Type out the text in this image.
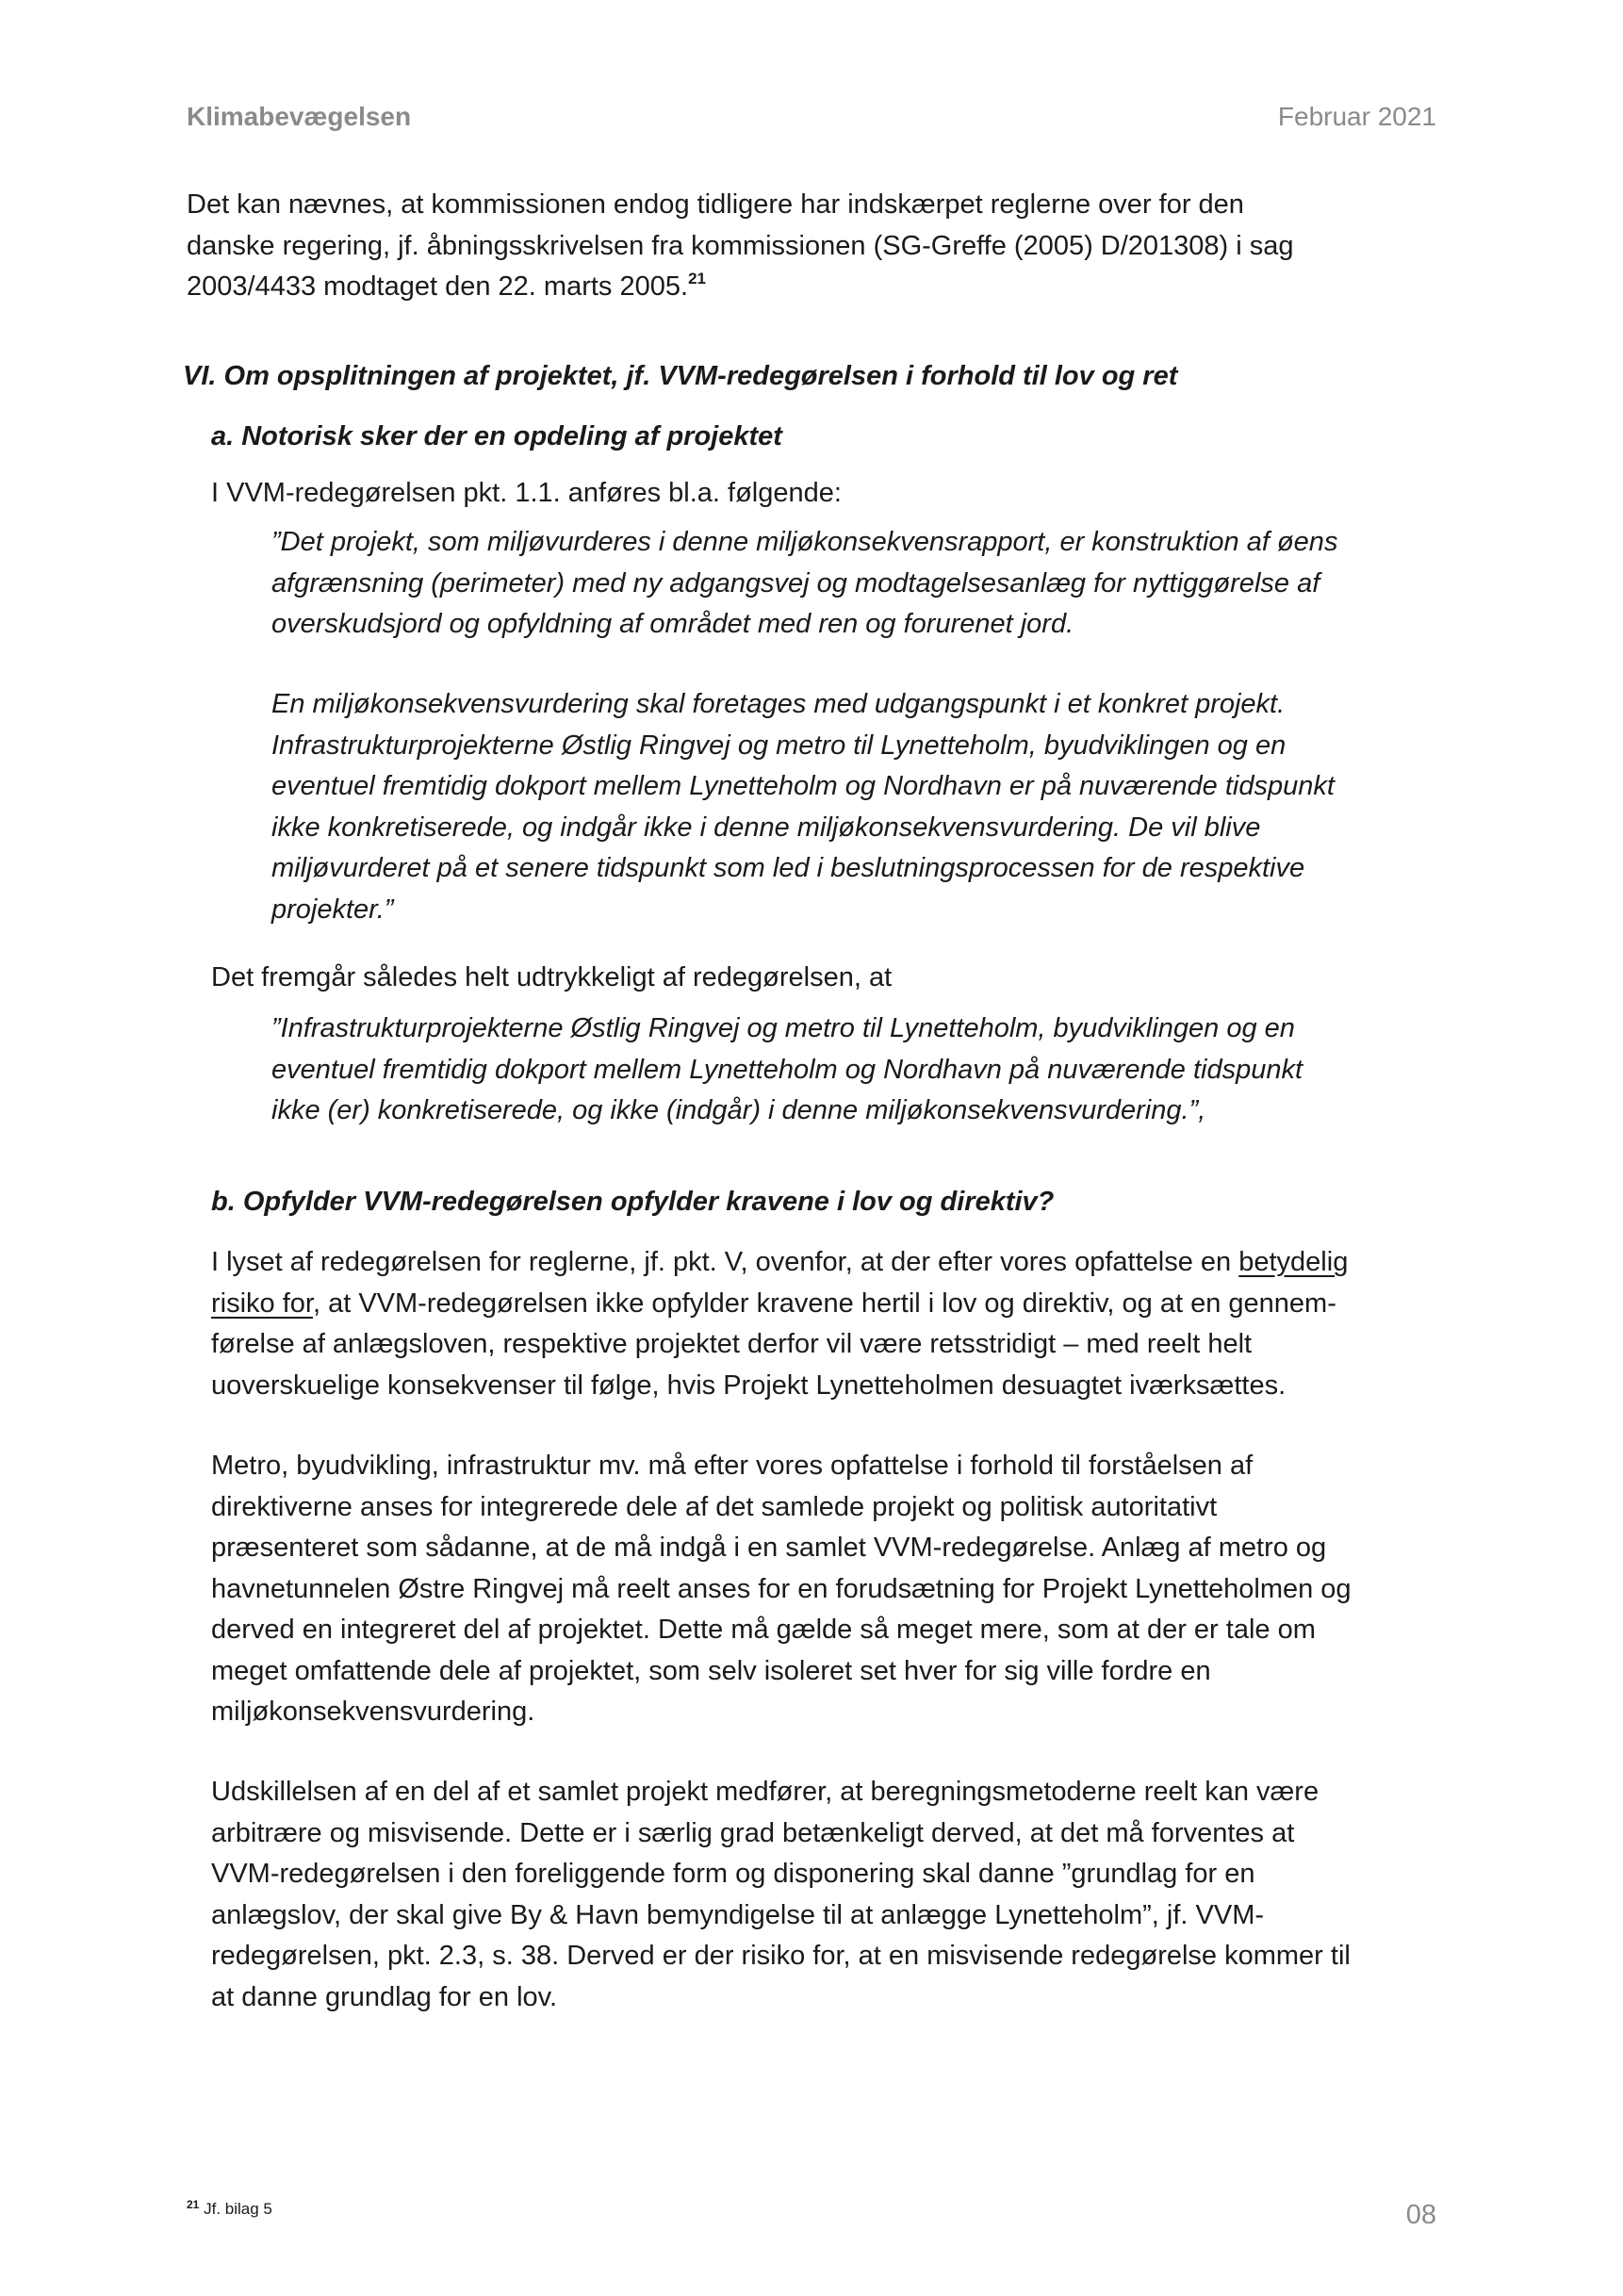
Klimabevægelsen	Februar 2021
Det kan nævnes, at kommissionen endog tidligere har indskærpet reglerne over for den
danske regering, jf. åbningsskrivelsen fra kommissionen (SG-Greffe (2005) D/201308) i sag
2003/4433 modtaget den 22. marts 2005.21
VI. Om opsplitningen af projektet, jf. VVM-redegørelsen i forhold til lov og ret
a. Notorisk sker der en opdeling af projektet
I VVM-redegørelsen pkt. 1.1. anføres bl.a. følgende:
”Det projekt, som miljøvurderes i denne miljøkonsekvensrapport, er konstruktion af øens
afgrænsning (perimeter) med ny adgangsvej og modtagelsesanlæg for nyttiggørelse af
overskudsjord og opfyldning af området med ren og forurenet jord.
En miljøkonsekvensvurdering skal foretages med udgangspunkt i et konkret projekt.
Infrastrukturprojekterne Østlig Ringvej og metro til Lynetteholm, byudviklingen og en
eventuel fremtidig dokport mellem Lynetteholm og Nordhavn er på nuværende tidspunkt
ikke konkretiserede, og indgår ikke i denne miljøkonsekvensvurdering. De vil blive
miljøvurderet på et senere tidspunkt som led i beslutningsprocessen for de respektive
projekter.”
Det fremgår således helt udtrykkeligt af redegørelsen, at
”Infrastrukturprojekterne Østlig Ringvej og metro til Lynetteholm, byudviklingen og en
eventuel fremtidig dokport mellem Lynetteholm og Nordhavn på nuværende tidspunkt
ikke (er) konkretiserede, og ikke (indgår) i denne miljøkonsekvensvurdering.”,
b. Opfylder VVM-redegørelsen opfylder kravene i lov og direktiv?
I lyset af redegørelsen for reglerne, jf. pkt. V, ovenfor, at der efter vores opfattelse en betydelig
risiko for, at VVM-redegørelsen ikke opfylder kravene hertil i lov og direktiv, og at en gennem-
førelse af anlægsloven, respektive projektet derfor vil være retsstridigt – med reelt helt
uoverskuelige konsekvenser til følge, hvis Projekt Lynetteholmen desuagtet iværksættes.
Metro, byudvikling, infrastruktur mv. må efter vores opfattelse i forhold til forståelsen af
direktiverne anses for integrerede dele af det samlede projekt og politisk autoritativt
præsenteret som sådanne, at de må indgå i en samlet VVM-redegørelse. Anlæg af metro og
havnetunnelen Østre Ringvej må reelt anses for en forudsætning for Projekt Lynetteholmen og
derved en integreret del af projektet. Dette må gælde så meget mere, som at der er tale om
meget omfattende dele af projektet, som selv isoleret set hver for sig ville fordre en
miljøkonsekvensvurdering.
Udskillelsen af en del af et samlet projekt medfører, at beregningsmetoderne reelt kan være
arbitrære og misvisende. Dette er i særlig grad betænkeligt derved, at det må forventes at
VVM-redegørelsen i den foreliggende form og disponering skal danne ”grundlag for en
anlægslov, der skal give By & Havn bemyndigelse til at anlægge Lynetteholm”, jf. VVM-
redegørelsen, pkt. 2.3, s. 38. Derved er der risiko for, at en misvisende redegørelse kommer til
at danne grundlag for en lov.
$^{21}$ Jf. bilag 5	08
